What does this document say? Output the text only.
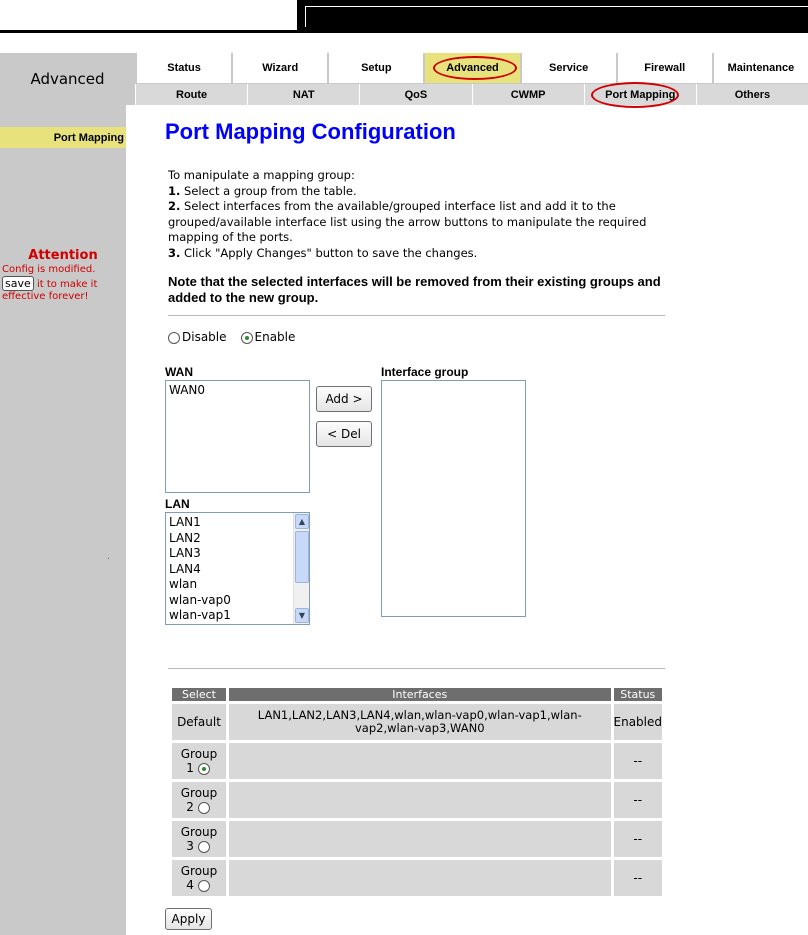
Advanced
Status	Wizard	Setup	Advanced	Service	Firewall	Maintenance
Route	NAT	QoS	CWMP	Port Mapping	Others
Port Mapping
Attention
Config is modified. save it to make it effective forever!
.
Port Mapping Configuration
To manipulate a mapping group:
1. Select a group from the table.
2. Select interfaces from the available/grouped interface list and add it to the grouped/available interface list using the arrow buttons to manipulate the required mapping of the ports.
3. Click "Apply Changes" button to save the changes.
Note that the selected interfaces will be removed from their existing groups and added to the new group.
Disable	Enable
WAN
WAN0
LAN
LAN1
LAN2
LAN3
LAN4
wlan
wlan-vap0
wlan-vap1
▲
▼
Add >
< Del
Interface group
Select	Interfaces	Status
Default	LAN1,LAN2,LAN3,LAN4,wlan,wlan-vap0,wlan-vap1,wlan-vap2,wlan-vap3,WAN0	Enabled
Group
1		--
Group
2		--
Group
3		--
Group
4		--
Apply
